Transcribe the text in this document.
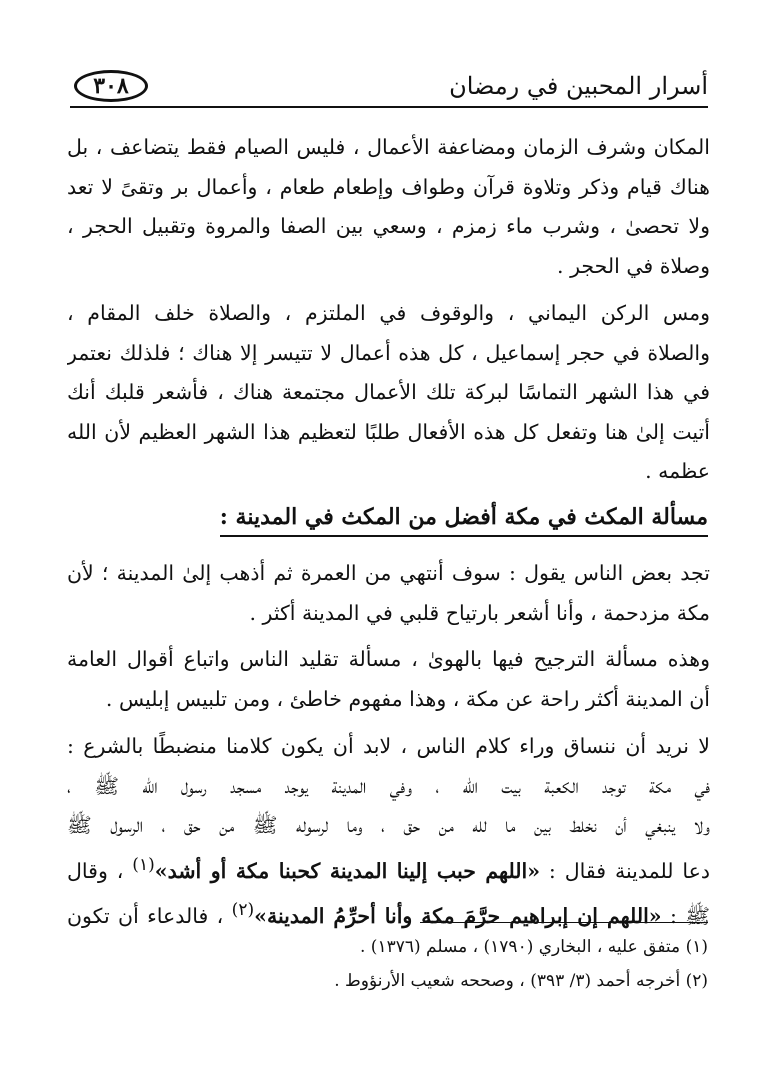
أسرار المحبين في رمضان
٣٠٨
المكان وشرف الزمان ومضاعفة الأعمال ، فليس الصيام فقط يتضاعف ، بل
هناك قيام وذكر وتلاوة قرآن وطواف وإطعام طعام ، وأعمال بر وتقىً لا تعد
ولا تحصىٰ ، وشرب ماء زمزم ، وسعي بين الصفا والمروة وتقبيل الحجر ،
وصلاة في الحجر .
ومس الركن اليماني ، والوقوف في الملتزم ، والصلاة خلف المقام ،
والصلاة في حجر إسماعيل ، كل هذه أعمال لا تتيسر إلا هناك ؛ فلذلك نعتمر
في هذا الشهر التماسًا لبركة تلك الأعمال مجتمعة هناك ، فأشعر قلبك أنك
أتيت إلىٰ هنا وتفعل كل هذه الأفعال طلبًا لتعظيم هذا الشهر العظيم لأن الله
عظمه .
مسألة المكث في مكة أفضل من المكث في المدينة :
تجد بعض الناس يقول : سوف أنتهي من العمرة ثم أذهب إلىٰ المدينة ؛ لأن
مكة مزدحمة ، وأنا أشعر بارتياح قلبي في المدينة أكثر .
وهذه مسألة الترجيح فيها بالهوىٰ ، مسألة تقليد الناس واتباع أقوال العامة
أن المدينة أكثر راحة عن مكة ، وهذا مفهوم خاطئ ، ومن تلبيس إبليس .
لا نريد أن ننساق وراء كلام الناس ، لابد أن يكون كلامنا منضبطًا بالشرع :
في مكة توجد الكعبة بيت الله ، وفي المدينة يوجد مسجد رسول الله ﷺ ،
ولا ينبغي أن نخلط بين ما لله من حق ، وما لرسوله ﷺ من حق ، الرسول ﷺ
دعا للمدينة فقال : «اللهم حبب إلينا المدينة كحبنا مكة أو أشد»$^{(١)}$ ، وقال
ﷺ : «اللهم إن إبراهيم حرَّمَ مكة وأنا أحرِّمُ المدينة»$^{(٢)}$ ، فالدعاء أن تكون
(١) متفق عليه ، البخاري (١٧٩٠) ، مسلم (١٣٧٦) .
(٢) أخرجه أحمد (٣/ ٣٩٣) ، وصححه شعيب الأرنؤوط .
